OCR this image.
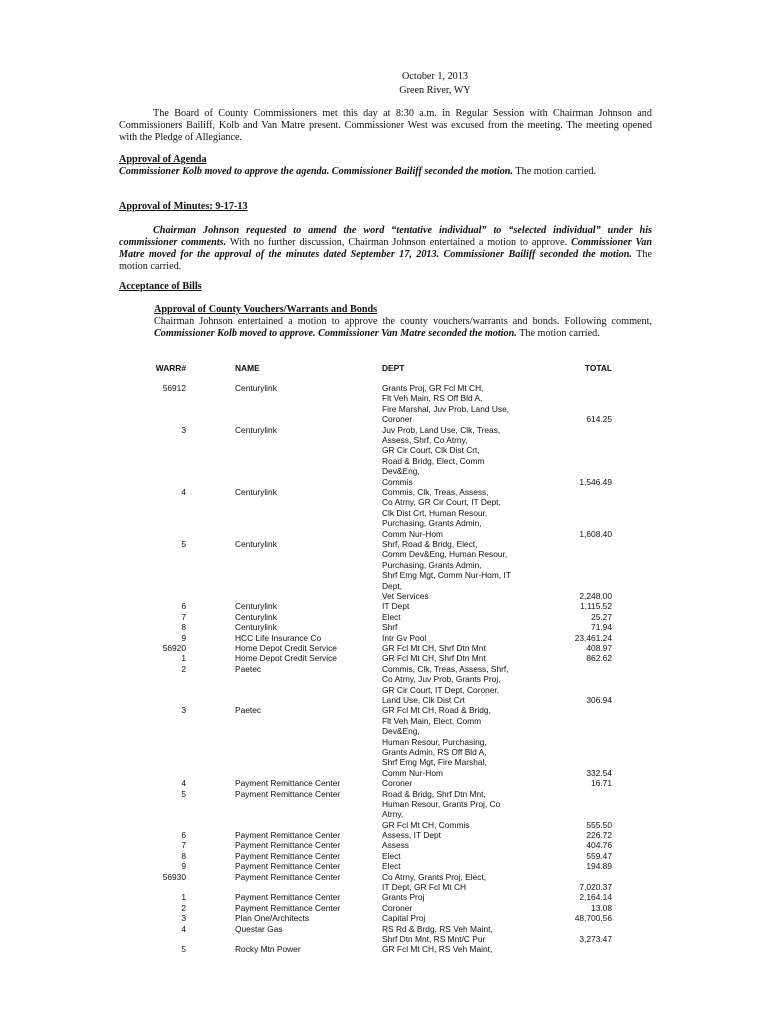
October 1, 2013
Green River, WY
The Board of County Commissioners met this day at 8:30 a.m. in Regular Session with Chairman Johnson and Commissioners Bailiff, Kolb and Van Matre present. Commissioner West was excused from the meeting. The meeting opened with the Pledge of Allegiance.
Approval of Agenda
Commissioner Kolb moved to approve the agenda. Commissioner Bailiff seconded the motion. The motion carried.
Approval of Minutes: 9-17-13
Chairman Johnson requested to amend the word “tentative individual” to “selected individual” under his commissioner comments. With no further discussion, Chairman Johnson entertained a motion to approve. Commissioner Van Matre moved for the approval of the minutes dated September 17, 2013. Commissioner Bailiff seconded the motion. The motion carried.
Acceptance of Bills
Approval of County Vouchers/Warrants and Bonds
Chairman Johnson entertained a motion to approve the county vouchers/warrants and bonds. Following comment, Commissioner Kolb moved to approve. Commissioner Van Matre seconded the motion. The motion carried.
WARR#	NAME	DEPT	TOTAL
56912	Centurylink	Grants Proj, GR Fcl Mt CH,
Flt Veh Main, RS Off Bld A,
Fire Marshal, Juv Prob, Land Use,
Coroner	614.25
3	Centurylink	Juv Prob, Land Use, Clk, Treas,
Assess, Shrf, Co Atrny,
GR Cir Court, Clk Dist Crt,
Road & Bridg, Elect, Comm
Dev&Eng,
Commis	1,546.49
4	Centurylink	Commis, Clk, Treas, Assess,
Co Atrny, GR Cir Court, IT Dept,
Clk Dist Crt, Human Resour,
Purchasing, Grants Admin,
Comm Nur-Hom	1,608.40
5	Centurylink	Shrf, Road & Bridg, Elect,
Comm Dev&Eng, Human Resour,
Purchasing, Grants Admin,
Shrf Emg Mgt, Comm Nur-Hom, IT
Dept,
Vet Services	2,248.00
6	Centurylink	IT Dept	1,115.52
7	Centurylink	Elect	25.27
8	Centurylink	Shrf	71.94
9	HCC Life Insurance Co	Intr Gv Pool	23,461.24
56920	Home Depot Credit Service	GR Fcl Mt CH, Shrf Dtn Mnt	408.97
1	Home Depot Credit Service	GR Fcl Mt CH, Shrf Dtn Mnt	862.62
2	Paetec	Commis, Clk, Treas, Assess, Shrf,
Co Atrny, Juv Prob, Grants Proj,
GR Cir Court, IT Dept, Coroner,
Land Use, Clk Dist Crt	306.94
3	Paetec	GR Fcl Mt CH, Road & Bridg,
Flt Veh Main, Elect, Comm
Dev&Eng,
Human Resour, Purchasing,
Grants Admin, RS Off Bld A,
Shrf Emg Mgt, Fire Marshal,
Comm Nur-Hom	332.54
4	Payment Remittance Center	Coroner	16.71
5	Payment Remittance Center	Road & Bridg, Shrf Dtn Mnt,
Human Resour, Grants Proj, Co
Atrny,
GR Fcl Mt CH, Commis	555.50
6	Payment Remittance Center	Assess, IT Dept	226.72
7	Payment Remittance Center	Assess	404.76
8	Payment Remittance Center	Elect	559.47
9	Payment Remittance Center	Elect	194.89
56930	Payment Remittance Center	Co Atrny, Grants Proj, Elect,
IT Dept, GR Fcl Mt CH	7,020.37
1	Payment Remittance Center	Grants Proj	2,164.14
2	Payment Remittance Center	Coroner	13.08
3	Plan One/Architects	Capital Proj	48,700.56
4	Questar Gas	RS Rd & Brdg, RS Veh Maint,
Shrf Dtn Mnt, RS Mnt/C Pur	3,273.47
5	Rocky Mtn Power	GR Fcl Mt CH, RS Veh Maint,
